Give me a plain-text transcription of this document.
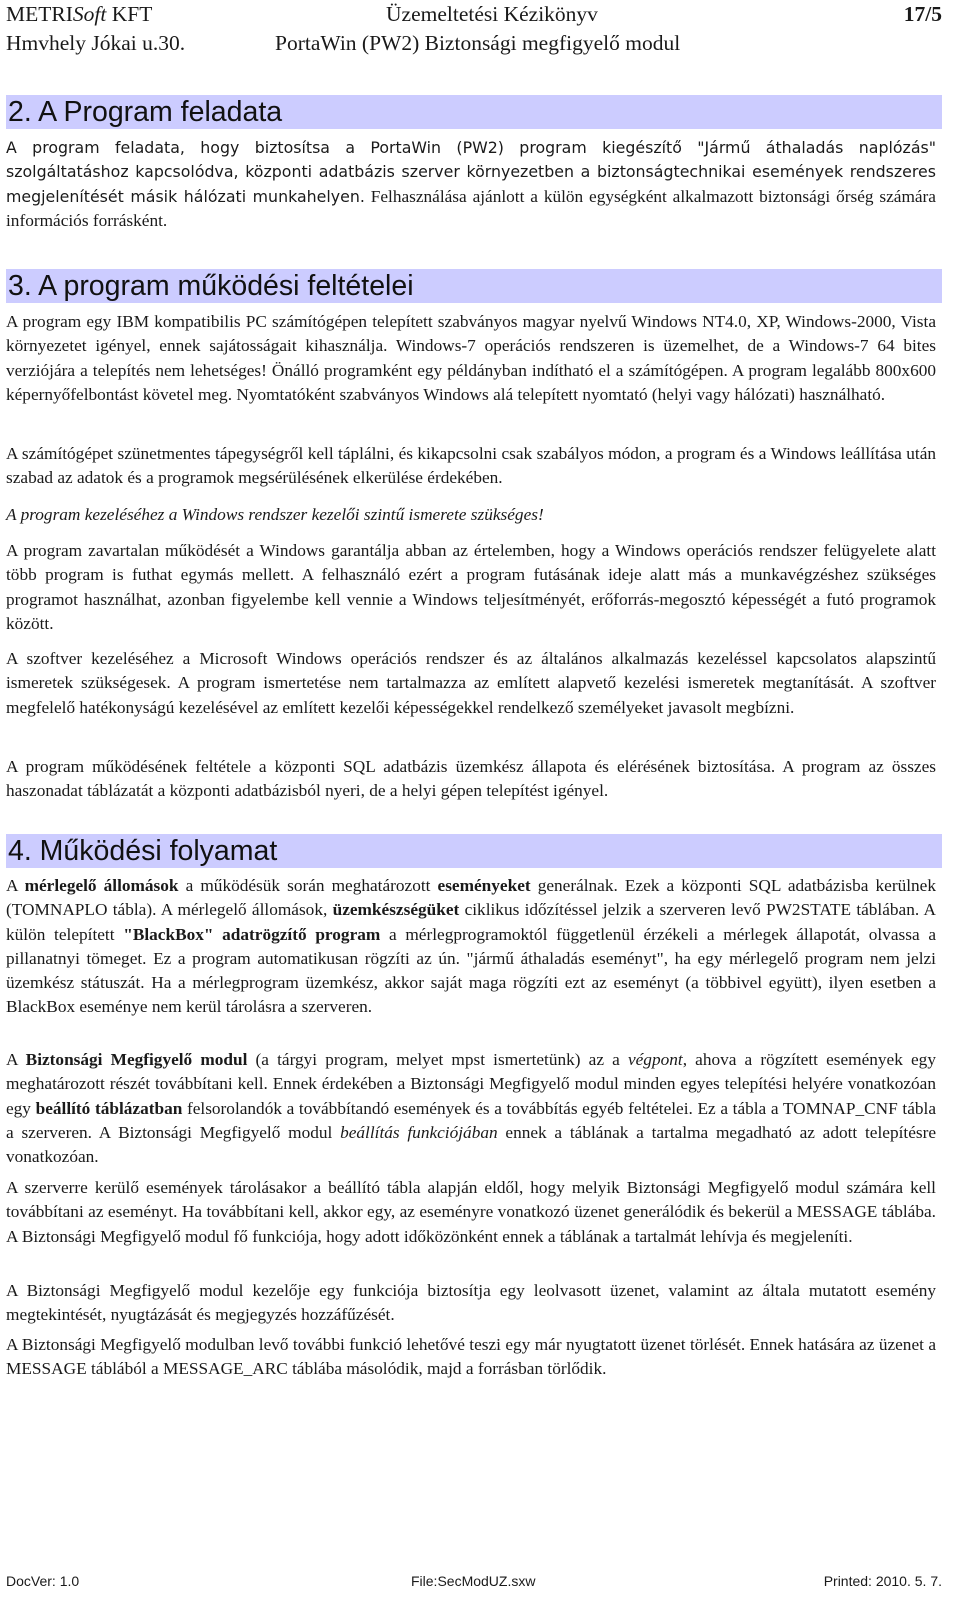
METRISoft KFT	Üzemeltetési Kézikönyv	17/5
Hmvhely Jókai u.30.	PortaWin (PW2) Biztonsági megfigyelő modul
2. A Program feladata
A program feladata, hogy biztosítsa a PortaWin (PW2) program kiegészítő "Jármű áthaladás naplózás" szolgáltatáshoz kapcsolódva, központi adatbázis szerver környezetben a biztonságtechnikai események rendszeres megjelenítését másik hálózati munkahelyen. Felhasználása ajánlott a külön egységként alkalmazott biztonsági őrség számára információs forrásként.
3. A program működési feltételei
A program egy IBM kompatibilis PC számítógépen telepített szabványos magyar nyelvű Windows NT4.0, XP, Windows-2000, Vista környezetet igényel, ennek sajátosságait kihasználja. Windows-7 operációs rendszeren is üzemelhet, de a Windows-7 64 bites verziójára a telepítés nem lehetséges! Önálló programként egy példányban indítható el a számítógépen. A program legalább 800x600 képernyőfelbontást követel meg. Nyomtatóként szabványos Windows alá telepített nyomtató (helyi vagy hálózati) használható.
A számítógépet szünetmentes tápegységről kell táplálni, és kikapcsolni csak szabályos módon, a program és a Windows leállítása után szabad az adatok és a programok megsérülésének elkerülése érdekében.
A program kezeléséhez a Windows rendszer kezelői szintű ismerete szükséges!
A program zavartalan működését a Windows garantálja abban az értelemben, hogy a Windows operációs rendszer felügyelete alatt több program is futhat egymás mellett. A felhasználó ezért a program futásának ideje alatt más a munkavégzéshez szükséges programot használhat, azonban figyelembe kell vennie a Windows teljesítményét, erőforrás-megosztó képességét a futó programok között.
A szoftver kezeléséhez a Microsoft Windows operációs rendszer és az általános alkalmazás kezeléssel kapcsolatos alapszintű ismeretek szükségesek. A program ismertetése nem tartalmazza az említett alapvető kezelési ismeretek megtanítását. A szoftver megfelelő hatékonyságú kezelésével az említett kezelői képességekkel rendelkező személyeket javasolt megbízni.
A program működésének feltétele a központi SQL adatbázis üzemkész állapota és elérésének biztosítása. A program az összes haszonadat táblázatát a központi adatbázisból nyeri, de a helyi gépen telepítést igényel.
4. Működési folyamat
A mérlegelő állomások a működésük során meghatározott eseményeket generálnak. Ezek a központi SQL adatbázisba kerülnek (TOMNAPLO tábla). A mérlegelő állomások, üzemkészségüket ciklikus időzítéssel jelzik a szerveren levő PW2STATE táblában. A külön telepített "BlackBox" adatrögzítő program a mérlegprogramoktól függetlenül érzékeli a mérlegek állapotát, olvassa a pillanatnyi tömeget. Ez a program automatikusan rögzíti az ún. "jármű áthaladás eseményt", ha egy mérlegelő program nem jelzi üzemkész státuszát. Ha a mérlegprogram üzemkész, akkor saját maga rögzíti ezt az eseményt (a többivel együtt), ilyen esetben a BlackBox eseménye nem kerül tárolásra a szerveren.
A Biztonsági Megfigyelő modul (a tárgyi program, melyet mpst ismertetünk) az a végpont, ahova a rögzített események egy meghatározott részét továbbítani kell. Ennek érdekében a Biztonsági Megfigyelő modul minden egyes telepítési helyére vonatkozóan egy beállító táblázatban felsorolandók a továbbítandó események és a továbbítás egyéb feltételei. Ez a tábla a TOMNAP_CNF tábla a szerveren. A Biztonsági Megfigyelő modul beállítás funkciójában ennek a táblának a tartalma megadható az adott telepítésre vonatkozóan.
A szerverre kerülő események tárolásakor a beállító tábla alapján eldől, hogy melyik Biztonsági Megfigyelő modul számára kell továbbítani az eseményt. Ha továbbítani kell, akkor egy, az eseményre vonatkozó üzenet generálódik és bekerül a MESSAGE táblába. A Biztonsági Megfigyelő modul fő funkciója, hogy adott időközönként ennek a táblának a tartalmát lehívja és megjeleníti.
A Biztonsági Megfigyelő modul kezelője egy funkciója biztosítja egy leolvasott üzenet, valamint az általa mutatott esemény megtekintését, nyugtázását és megjegyzés hozzáfűzését.
A Biztonsági Megfigyelő modulban levő további funkció lehetővé teszi egy már nyugtatott üzenet törlését. Ennek hatására az üzenet a MESSAGE táblából a MESSAGE_ARC táblába másolódik, majd a forrásban törlődik.
DocVer: 1.0	File:SecModUZ.sxw	Printed: 2010. 5. 7.
